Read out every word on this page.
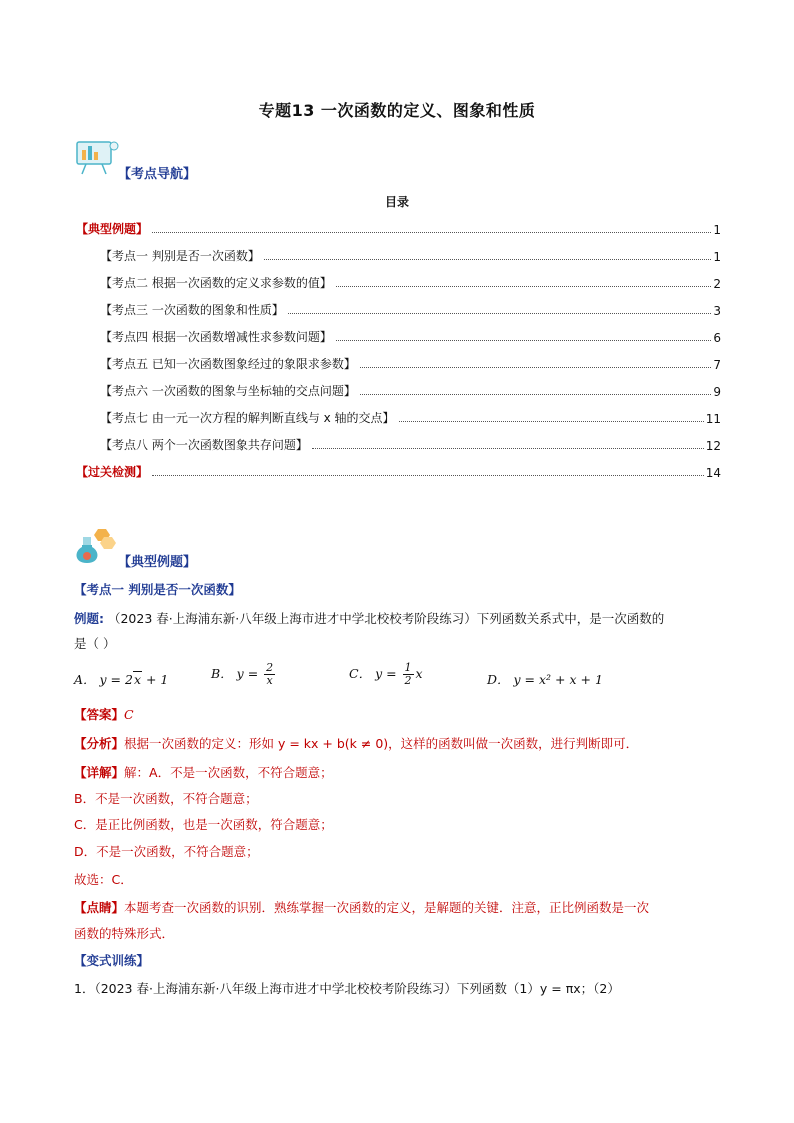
专题13 一次函数的定义、图象和性质
【考点导航】
目录
【典型例题】	1
【考点一 判别是否一次函数】	1
【考点二 根据一次函数的定义求参数的值】	2
【考点三 一次函数的图象和性质】	3
【考点四 根据一次函数增减性求参数问题】	6
【考点五 已知一次函数图象经过的象限求参数】	7
【考点六 一次函数的图象与坐标轴的交点问题】	9
【考点七 由一元一次方程的解判断直线与 x 轴的交点】	11
【考点八 两个一次函数图象共存问题】	12
【过关检测】	14
【典型例题】
【考点一 判别是否一次函数】
例题: （2023 春·上海浦东新·八年级上海市进才中学北校校考阶段练习）下列函数关系式中，是一次函数的
是（ ）
A． y = 2x + 1	B． $y = \frac{2}{x}$	C． $y = \frac{1}{2}$ x	D． y = x² + x + 1
【答案】C
【分析】根据一次函数的定义：形如 y = kx + b(k ≠ 0)，这样的函数叫做一次函数，进行判断即可．
【详解】解：A．不是一次函数，不符合题意；
B．不是一次函数，不符合题意；
C．是正比例函数，也是一次函数，符合题意；
D．不是一次函数，不符合题意；
故选：C．
【点睛】本题考查一次函数的识别．熟练掌握一次函数的定义，是解题的关键．注意，正比例函数是一次
函数的特殊形式．
【变式训练】
1．（2023 春·上海浦东新·八年级上海市进才中学北校校考阶段练习）下列函数（1）y = πx；（2）
